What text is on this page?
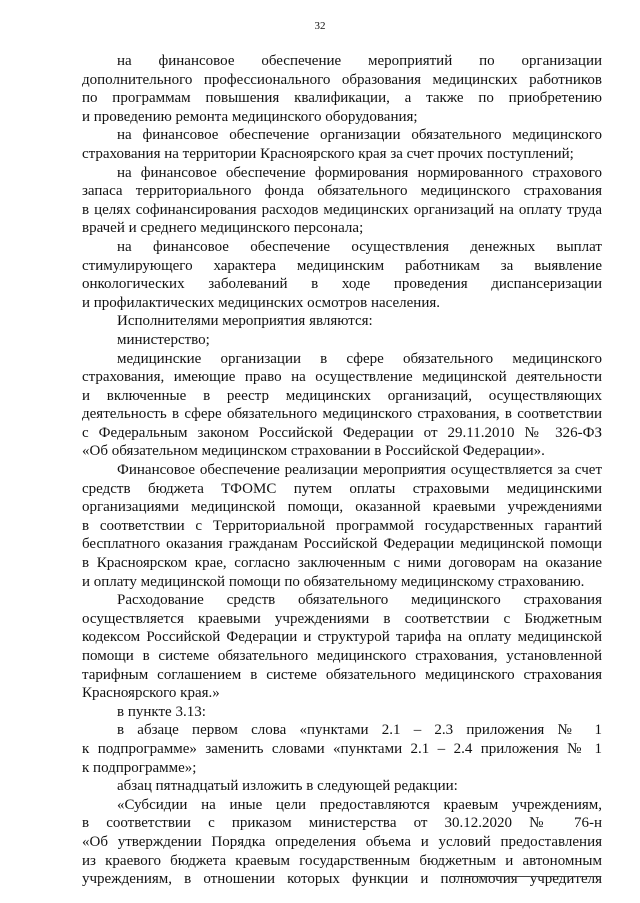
32
на финансовое обеспечение мероприятий по организации
дополнительного профессионального образования медицинских работников
по программам повышения квалификации, а также по приобретению
и проведению ремонта медицинского оборудования;
на финансовое обеспечение организации обязательного медицинского
страхования на территории Красноярского края за счет прочих поступлений;
на финансовое обеспечение формирования нормированного страхового
запаса территориального фонда обязательного медицинского страхования
в целях софинансирования расходов медицинских организаций на оплату труда
врачей и среднего медицинского персонала;
на финансовое обеспечение осуществления денежных выплат
стимулирующего характера медицинским работникам за выявление
онкологических заболеваний в ходе проведения диспансеризации
и профилактических медицинских осмотров населения.
Исполнителями мероприятия являются:
министерство;
медицинские организации в сфере обязательного медицинского
страхования, имеющие право на осуществление медицинской деятельности
и включенные в реестр медицинских организаций, осуществляющих
деятельность в сфере обязательного медицинского страхования, в соответствии
с Федеральным законом Российской Федерации от 29.11.2010 № 326-ФЗ
«Об обязательном медицинском страховании в Российской Федерации».
Финансовое обеспечение реализации мероприятия осуществляется за счет
средств бюджета ТФОМС путем оплаты страховыми медицинскими
организациями медицинской помощи, оказанной краевыми учреждениями
в соответствии с Территориальной программой государственных гарантий
бесплатного оказания гражданам Российской Федерации медицинской помощи
в Красноярском крае, согласно заключенным с ними договорам на оказание
и оплату медицинской помощи по обязательному медицинскому страхованию.
Расходование средств обязательного медицинского страхования
осуществляется краевыми учреждениями в соответствии с Бюджетным
кодексом Российской Федерации и структурой тарифа на оплату медицинской
помощи в системе обязательного медицинского страхования, установленной
тарифным соглашением в системе обязательного медицинского страхования
Красноярского края.»
в пункте 3.13:
в абзаце первом слова «пунктами 2.1 – 2.3 приложения № 1
к подпрограмме» заменить словами «пунктами 2.1 – 2.4 приложения № 1
к подпрограмме»;
абзац пятнадцатый изложить в следующей редакции:
«Субсидии на иные цели предоставляются краевым учреждениям,
в соответствии с приказом министерства от 30.12.2020 № 76-н
«Об утверждении Порядка определения объема и условий предоставления
из краевого бюджета краевым государственным бюджетным и автономным
учреждениям, в отношении которых функции и полномочия учредителя
